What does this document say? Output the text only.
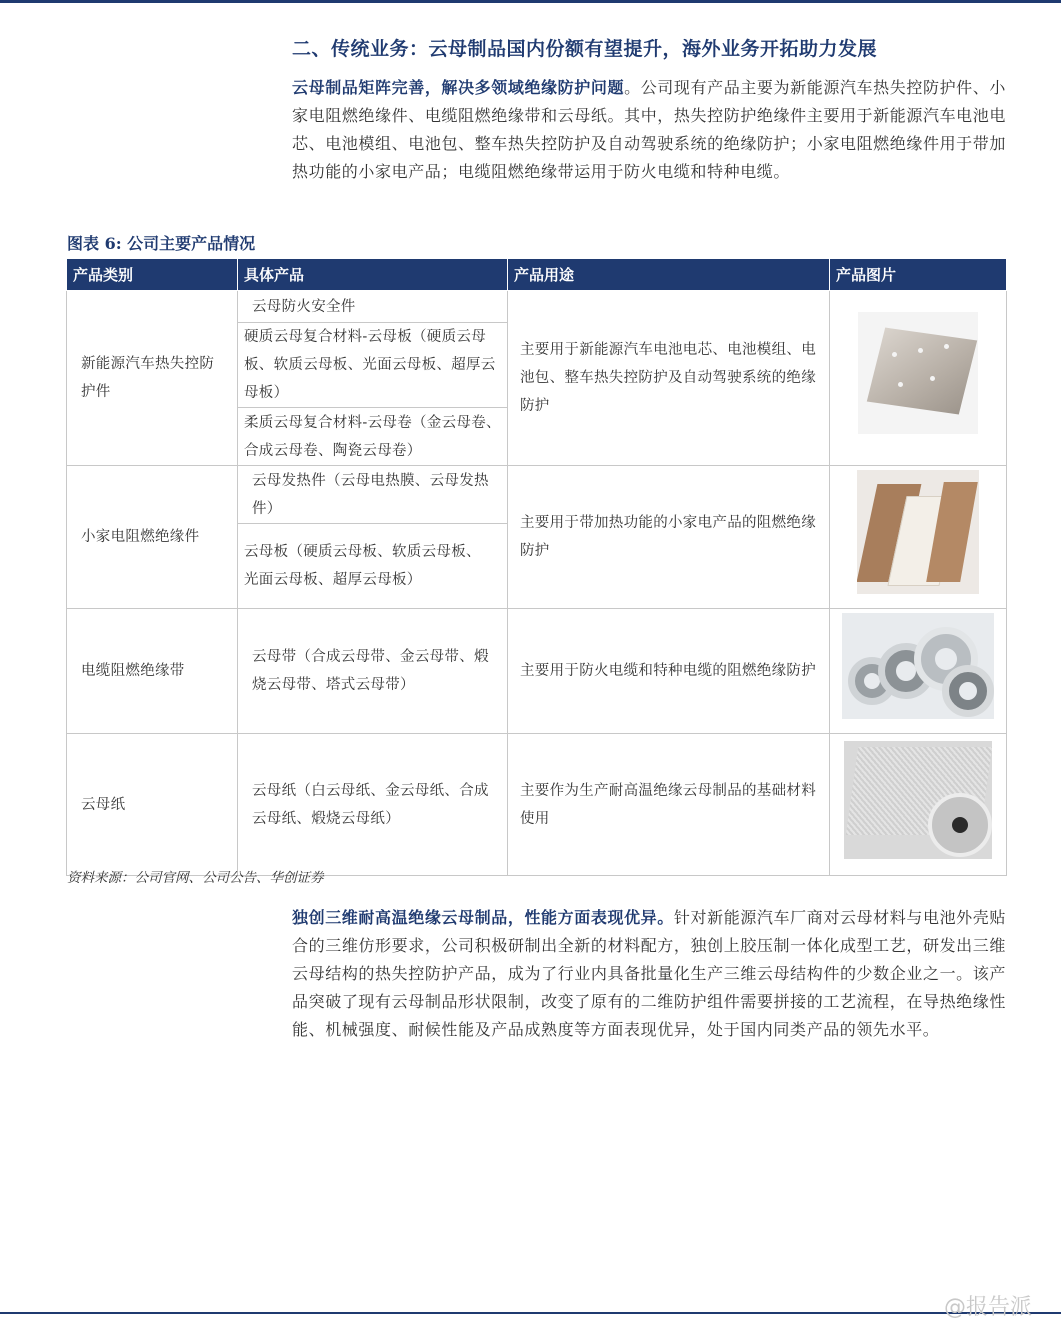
二、传统业务：云母制品国内份额有望提升，海外业务开拓助力发展
云母制品矩阵完善，解决多领域绝缘防护问题。公司现有产品主要为新能源汽车热失控防护件、小家电阻燃绝缘件、电缆阻燃绝缘带和云母纸。其中，热失控防护绝缘件主要用于新能源汽车电池电芯、电池模组、电池包、整车热失控防护及自动驾驶系统的绝缘防护；小家电阻燃绝缘件用于带加热功能的小家电产品；电缆阻燃绝缘带运用于防火电缆和特种电缆。
图表 6: 公司主要产品情况
产品类别	具体产品	产品用途	产品图片
新能源汽车热失控防护件	云母防火安全件	主要用于新能源汽车电池电芯、电池模组、电池包、整车热失控防护及自动驾驶系统的绝缘防护	

	硬质云母复合材料-云母板（硬质云母板、软质云母板、光面云母板、超厚云母板）		
	柔质云母复合材料-云母卷（金云母卷、合成云母卷、陶瓷云母卷）		
小家电阻燃绝缘件	云母发热件（云母电热膜、云母发热件）	主要用于带加热功能的小家电产品的阻燃绝缘防护	

	云母板（硬质云母板、软质云母板、光面云母板、超厚云母板）		
电缆阻燃绝缘带	云母带（合成云母带、金云母带、煅烧云母带、塔式云母带）	主要用于防火电缆和特种电缆的阻燃绝缘防护	

云母纸	云母纸（白云母纸、金云母纸、合成云母纸、煅烧云母纸）	主要作为生产耐高温绝缘云母制品的基础材料使用	
资料来源：公司官网、公司公告、华创证券
独创三维耐高温绝缘云母制品，性能方面表现优异。针对新能源汽车厂商对云母材料与电池外壳贴合的三维仿形要求，公司积极研制出全新的材料配方，独创上胶压制一体化成型工艺，研发出三维云母结构的热失控防护产品，成为了行业内具备批量化生产三维云母结构件的少数企业之一。该产品突破了现有云母制品形状限制，改变了原有的二维防护组件需要拼接的工艺流程，在导热绝缘性能、机械强度、耐候性能及产品成熟度等方面表现优异，处于国内同类产品的领先水平。
@报告派
